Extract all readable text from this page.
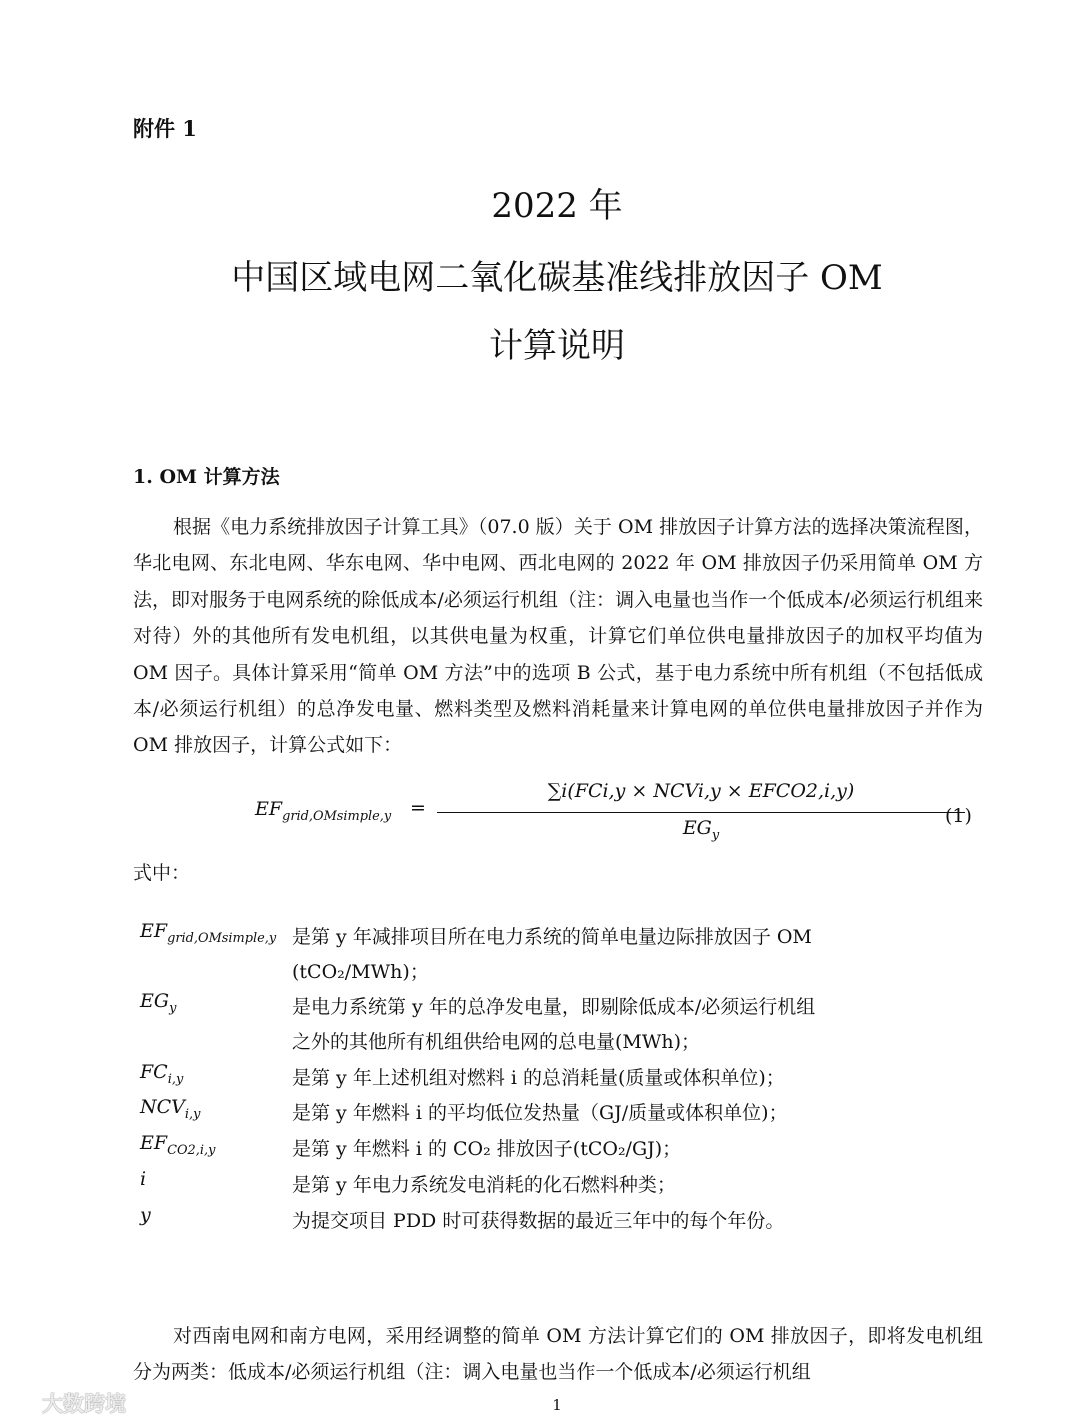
附件 1
2022 年
中国区域电网二氧化碳基准线排放因子 OM
计算说明
1. OM 计算方法
根据《电力系统排放因子计算工具》（07.0 版）关于 OM 排放因子计算方法的选择决策流程图，华北电网、东北电网、华东电网、华中电网、西北电网的 2022 年 OM 排放因子仍采用简单 OM 方法，即对服务于电网系统的除低成本/必须运行机组（注：调入电量也当作一个低成本/必须运行机组来对待）外的其他所有发电机组，以其供电量为权重，计算它们单位供电量排放因子的加权平均值为 OM 因子。具体计算采用“简单 OM 方法”中的选项 B 公式，基于电力系统中所有机组（不包括低成本/必须运行机组）的总净发电量、燃料类型及燃料消耗量来计算电网的单位供电量排放因子并作为 OM 排放因子，计算公式如下：
$EF_{grid,OMsimple,y}$ =
∑i(FCi,y × NCVi,y × EFCO2,i,y)
$EG_y$
(1)
式中：
$EF_{grid,OMsimple,y}$ 是第 y 年减排项目所在电力系统的简单电量边际排放因子 OM
(tCO₂/MWh)；
$EG_y$	是电力系统第 y 年的总净发电量，即剔除低成本/必须运行机组
之外的其他所有机组供给电网的总电量(MWh)；
$FC_{i,y}$	是第 y 年上述机组对燃料 i 的总消耗量(质量或体积单位)；
$NCV_{i,y}$	是第 y 年燃料 i 的平均低位发热量（GJ/质量或体积单位)；
$EF_{CO2,i,y}$	是第 y 年燃料 i 的 CO₂ 排放因子(tCO₂/GJ)；
i	是第 y 年电力系统发电消耗的化石燃料种类；
y	为提交项目 PDD 时可获得数据的最近三年中的每个年份。
对西南电网和南方电网，采用经调整的简单 OM 方法计算它们的 OM 排放因子，即将发电机组分为两类：低成本/必须运行机组（注：调入电量也当作一个低成本/必须运行机组
1
大数跨境
